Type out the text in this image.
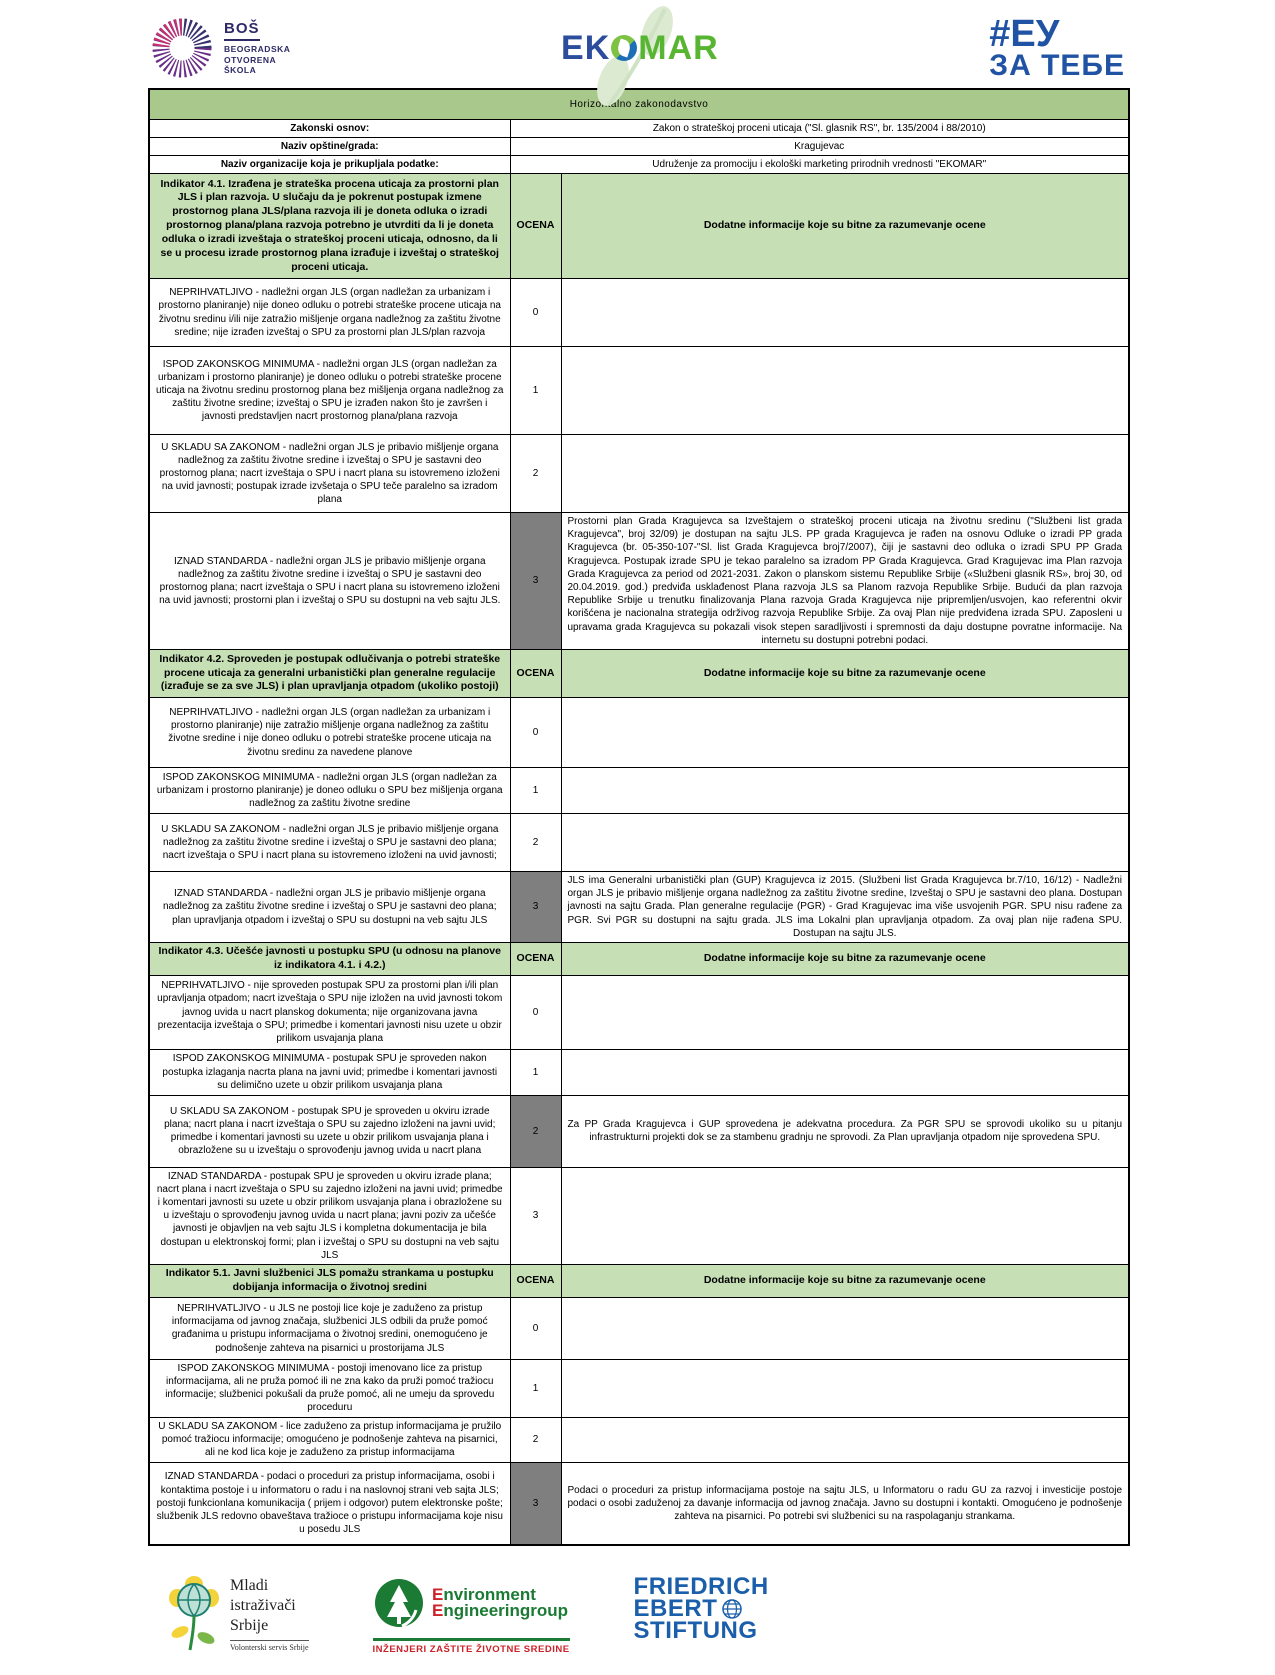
BOŠ
BEOGRADSKA
OTVORENA
ŠKOLA
EK MAR	#ЕУ
ЗА ТЕБЕ
Horizontalno zakonodavstvo		
Zakonski osnov:	Zakon o strateškoj proceni uticaja ("Sl. glasnik RS", br. 135/2004 i 88/2010)	
Naziv opštine/grada:	Kragujevac	
Naziv organizacije koja je prikupljala podatke:	Udruženje za promociju i ekološki marketing prirodnih vrednosti "EKOMAR"	
Indikator 4.1. Izrađena je strateška procena uticaja za prostorni plan JLS i plan razvoja. U slučaju da je pokrenut postupak izmene prostornog plana JLS/plana razvoja ili je doneta odluka o izradi prostornog plana/plana razvoja potrebno je utvrditi da li je doneta odluka o izradi izveštaja o strateškoj proceni uticaja, odnosno, da li se u procesu izrade prostornog plana izrađuje i izveštaj o strateškoj proceni uticaja.	OCENA	Dodatne informacije koje su bitne za razumevanje ocene
NEPRIHVATLJIVO - nadležni organ JLS (organ nadležan za urbanizam i prostorno planiranje) nije doneo odluku o potrebi strateške procene uticaja na životnu sredinu i/ili nije zatražio mišljenje organa nadležnog za zaštitu životne sredine; nije izrađen izveštaj o SPU za prostorni plan JLS/plan razvoja	0	
ISPOD ZAKONSKOG MINIMUMA - nadležni organ JLS (organ nadležan za urbanizam i prostorno planiranje) je doneo odluku o potrebi strateške procene uticaja na životnu sredinu prostornog plana bez mišljenja organa nadležnog za zaštitu životne sredine; izveštaj o SPU je izrađen nakon što je završen i javnosti predstavljen nacrt prostornog plana/plana razvoja	1	
U SKLADU SA ZAKONOM - nadležni organ JLS je pribavio mišljenje organa nadležnog za zaštitu životne sredine i izveštaj o SPU je sastavni deo prostornog plana; nacrt izveštaja o SPU i nacrt plana su istovremeno izloženi na uvid javnosti; postupak izrade izvšetaja o SPU teče paralelno sa izradom plana	2	
IZNAD STANDARDA - nadležni organ JLS je pribavio mišljenje organa nadležnog za zaštitu životne sredine i izveštaj o SPU je sastavni deo prostornog plana; nacrt izveštaja o SPU i nacrt plana su istovremeno izloženi na uvid javnosti; prostorni plan i izveštaj o SPU su dostupni na veb sajtu JLS.	3	Prostorni plan Grada Kragujevca sa Izveštajem o strateškoj proceni uticaja na životnu sredinu ("Službeni list grada Kragujevca", broj 32/09) je dostupan na sajtu JLS. PP grada Kragujevca je rađen na osnovu Odluke o izradi PP grada Kragujevca (br. 05-350-107-"Sl. list Grada Kragujevca broj7/2007), čiji je sastavni deo odluka o izradi SPU PP Grada Kragujevca. Postupak izrade SPU je tekao paralelno sa izradom PP Grada Kragujevca. Grad Kragujevac ima Plan razvoja Grada Kragujevca za period od 2021-2031. Zakon o planskom sistemu Republike Srbije («Službeni glasnik RS», broj 30, od 20.04.2019. god.) predviđa usklađenost Plana razvoja JLS sa Planom razvoja Republike Srbije. Budući da plan razvoja Republike Srbije u trenutku finalizovanja Plana razvoja Grada Kragujevca nije pripremljen/usvojen, kao referentni okvir korišćena je nacionalna strategija održivog razvoja Republike Srbije. Za ovaj Plan nije predviđena izrada SPU. Zaposleni u upravama grada Kragujevca su pokazali visok stepen saradljivosti i spremnosti da daju dostupne povratne informacije. Na internetu su dostupni potrebni podaci.
Indikator 4.2. Sproveden je postupak odlučivanja o potrebi strateške procene uticaja za generalni urbanistički plan generalne regulacije (izrađuje se za sve JLS) i plan upravljanja otpadom (ukoliko postoji)	OCENA	Dodatne informacije koje su bitne za razumevanje ocene
NEPRIHVATLJIVO - nadležni organ JLS (organ nadležan za urbanizam i prostorno planiranje) nije zatražio mišljenje organa nadležnog za zaštitu životne sredine i nije doneo odluku o potrebi strateške procene uticaja na životnu sredinu za navedene planove	0	
ISPOD ZAKONSKOG MINIMUMA - nadležni organ JLS (organ nadležan za urbanizam i prostorno planiranje) je doneo odluku o SPU bez mišljenja organa nadležnog za zaštitu životne sredine	1	
U SKLADU SA ZAKONOM - nadležni organ JLS je pribavio mišljenje organa nadležnog za zaštitu životne sredine i izveštaj o SPU je sastavni deo plana; nacrt izveštaja o SPU i nacrt plana su istovremeno izloženi na uvid javnosti;	2	
IZNAD STANDARDA - nadležni organ JLS je pribavio mišljenje organa nadležnog za zaštitu životne sredine i izveštaj o SPU je sastavni deo plana; plan upravljanja otpadom i izveštaj o SPU su dostupni na veb sajtu JLS	3	JLS ima Generalni urbanistički plan (GUP) Kragujevca iz 2015. (Službeni list Grada Kragujevca br.7/10, 16/12) - Nadležni organ JLS je pribavio mišljenje organa nadležnog za zaštitu životne sredine, Izveštaj o SPU je sastavni deo plana. Dostupan javnosti na sajtu Grada. Plan generalne regulacije (PGR) - Grad Kragujevac ima više usvojenih PGR. SPU nisu rađene za PGR. Svi PGR su dostupni na sajtu grada. JLS ima Lokalni plan upravljanja otpadom. Za ovaj plan nije rađena SPU. Dostupan na sajtu JLS.
Indikator 4.3. Učešće javnosti u postupku SPU (u odnosu na planove iz indikatora 4.1. i 4.2.)	OCENA	Dodatne informacije koje su bitne za razumevanje ocene
NEPRIHVATLJIVO - nije sproveden postupak SPU za prostorni plan i/ili plan upravljanja otpadom; nacrt izveštaja o SPU nije izložen na uvid javnosti tokom javnog uvida u nacrt planskog dokumenta; nije organizovana javna prezentacija izveštaja o SPU; primedbe i komentari javnosti nisu uzete u obzir prilikom usvajanja plana	0	
ISPOD ZAKONSKOG MINIMUMA - postupak SPU je sproveden nakon postupka izlaganja nacrta plana na javni uvid; primedbe i komentari javnosti su delimično uzete u obzir prilikom usvajanja plana	1	
U SKLADU SA ZAKONOM - postupak SPU je sproveden u okviru izrade plana; nacrt plana i nacrt izveštaja o SPU su zajedno izloženi na javni uvid; primedbe i komentari javnosti su uzete u obzir prilikom usvajanja plana i obrazložene su u izveštaju o sprovođenju javnog uvida u nacrt plana	2	Za PP Grada Kragujevca i GUP sprovedena je adekvatna procedura. Za PGR SPU se sprovodi ukoliko su u pitanju infrastrukturni projekti dok se za stambenu gradnju ne sprovodi. Za Plan upravljanja otpadom nije sprovedena SPU.
IZNAD STANDARDA - postupak SPU je sproveden u okviru izrade plana; nacrt plana i nacrt izveštaja o SPU su zajedno izloženi na javni uvid; primedbe i komentari javnosti su uzete u obzir prilikom usvajanja plana i obrazložene su u izveštaju o sprovođenju javnog uvida u nacrt plana; javni poziv za učešće javnosti je objavljen na veb sajtu JLS i kompletna dokumentacija je bila dostupan u elektronskoj formi; plan i izveštaj o SPU su dostupni na veb sajtu JLS	3	
Indikator 5.1. Javni službenici JLS pomažu strankama u postupku dobijanja informacija o životnoj sredini	OCENA	Dodatne informacije koje su bitne za razumevanje ocene
NEPRIHVATLJIVO - u JLS ne postoji lice koje je zaduženo za pristup informacijama od javnog značaja, službenici JLS odbili da pruže pomoć građanima u pristupu informacijama o životnoj sredini, onemogućeno je podnošenje zahteva na pisarnici u prostorijama JLS	0	
ISPOD ZAKONSKOG MINIMUMA - postoji imenovano lice za pristup informacijama, ali ne pruža pomoć ili ne zna kako da pruži pomoć tražiocu informacije; službenici pokušali da pruže pomoć, ali ne umeju da sprovedu proceduru	1	
U SKLADU SA ZAKONOM - lice zaduženo za pristup informacijama je pružilo pomoć tražiocu informacije; omogućeno je podnošenje zahteva na pisarnici, ali ne kod lica koje je zaduženo za pristup informacijama	2	
IZNAD STANDARDA - podaci o proceduri za pristup informacijama, osobi i kontaktima postoje i u informatoru o radu i na naslovnoj strani veb sajta JLS; postoji funkcionlana komunikacija ( prijem i odgovor) putem elektronske pošte; službenik JLS redovno obaveštava tražioce o pristupu informacijama koje nisu u posedu JLS	3	Podaci o proceduri za pristup informacijama postoje na sajtu JLS, u Informatoru o radu GU za razvoj i investicije postoje podaci o osobi zaduženoj za davanje informacija od javnog značaja. Javno su dostupni i kontakti. Omogućeno je podnošenje zahteva na pisarnici. Po potrebi svi službenici su na raspolaganju strankama.
Mladi
istraživači
Srbije
Volonterski servis Srbije
Environment
Engineeringroup
INŽENJERI ZAŠTITE ŽIVOTNE SREDINE
FRIEDRICH
EBERT
STIFTUNG
